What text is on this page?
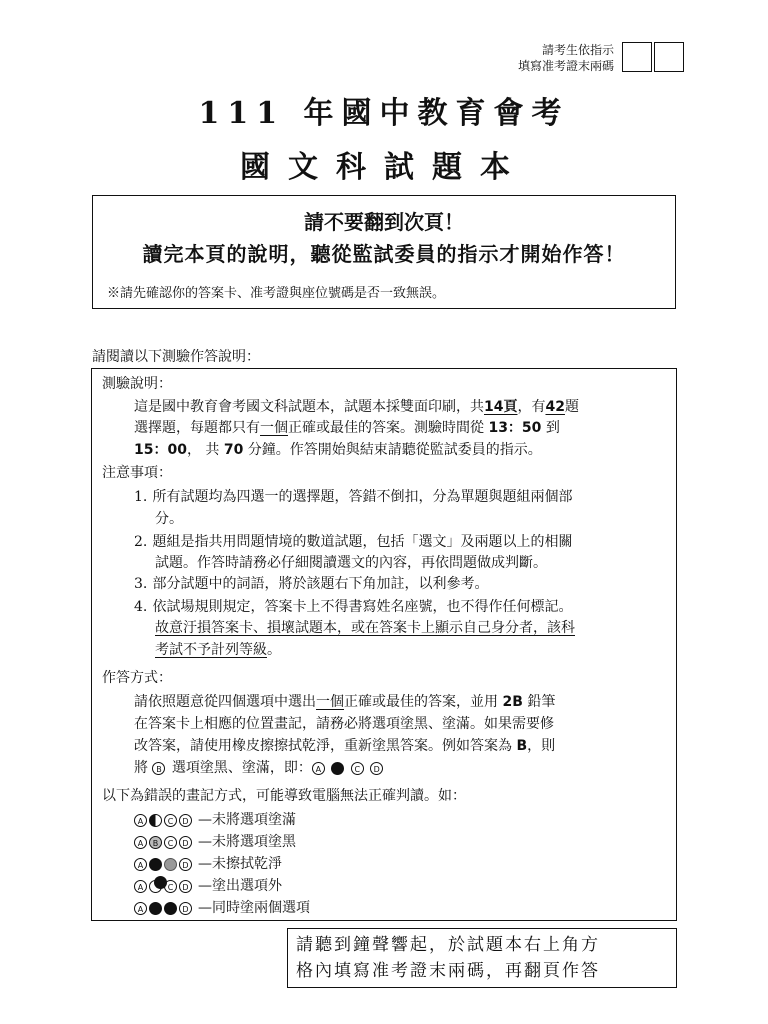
請考生依指示
填寫准考證末兩碼
111 年國中教育會考
國文科試題本
請不要翻到次頁！
讀完本頁的說明，聽從監試委員的指示才開始作答！
※請先確認你的答案卡、准考證與座位號碼是否一致無誤。
請閱讀以下測驗作答說明：
測驗說明：
這是國中教育會考國文科試題本，試題本採雙面印刷，共14頁，有42題
選擇題，每題都只有一個正確或最佳的答案。測驗時間從 13：50 到
15：00， 共 70 分鐘。作答開始與結束請聽從監試委員的指示。
注意事項：
1. 所有試題均為四選一的選擇題，答錯不倒扣，分為單題與題組兩個部
分。
2. 題組是指共用問題情境的數道試題，包括「選文」及兩題以上的相關
試題。作答時請務必仔細閱讀選文的內容，再依問題做成判斷。
3. 部分試題中的詞語，將於該題右下角加註，以利參考。
4. 依試場規則規定，答案卡上不得書寫姓名座號，也不得作任何標記。
故意汙損答案卡、損壞試題本，或在答案卡上顯示自己身分者，該科
考試不予計列等級。
作答方式：
請依照題意從四個選項中選出一個正確或最佳的答案，並用 2B 鉛筆
在答案卡上相應的位置畫記，請務必將選項塗黑、塗滿。如果需要修
改答案，請使用橡皮擦擦拭乾淨，重新塗黑答案。例如答案為 B，則
將 B 選項塗黑、塗滿，即： A	C D
以下為錯誤的畫記方式，可能導致電腦無法正確判讀。如：
A	C D —未將選項塗滿
A B C D —未將選項塗黑
A	D —未擦拭乾淨
A	C D —塗出選項外
A	D —同時塗兩個選項
請聽到鐘聲響起，於試題本右上角方
格內填寫准考證末兩碼，再翻頁作答
